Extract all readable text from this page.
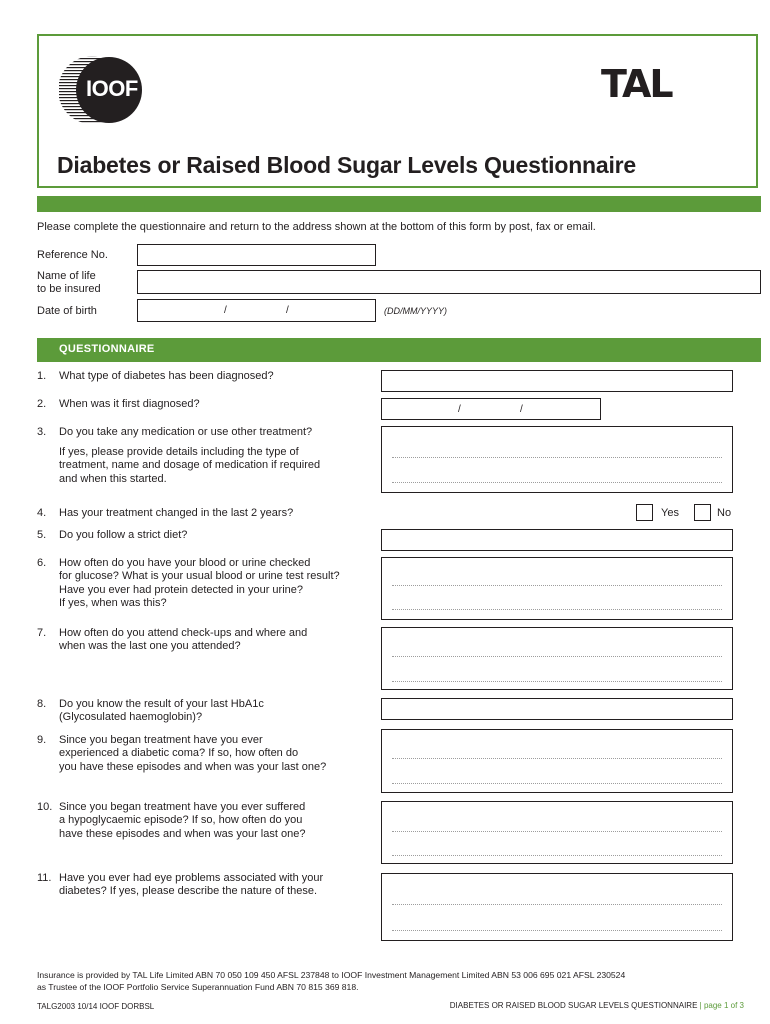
IOOF	TAL
Diabetes or Raised Blood Sugar Levels Questionnaire
Please complete the questionnaire and return to the address shown at the bottom of this form by post, fax or email.
Reference No.
Name of life
to be insured
Date of birth	/	/	(DD/MM/YYYY)
QUESTIONNAIRE
1. What type of diabetes has been diagnosed?
2. When was it first diagnosed?	/	/
3. Do you take any medication or use other treatment?
If yes, please provide details including the type of
treatment, name and dosage of medication if required
and when this started.
4. Has your treatment changed in the last 2 years?	Yes	No
5. Do you follow a strict diet?
6. How often do you have your blood or urine checked
for glucose? What is your usual blood or urine test result?
Have you ever had protein detected in your urine?
If yes, when was this?
7. How often do you attend check-ups and where and
when was the last one you attended?
8. Do you know the result of your last HbA1c
(Glycosulated haemoglobin)?
9. Since you began treatment have you ever
experienced a diabetic coma? If so, how often do
you have these episodes and when was your last one?
10. Since you began treatment have you ever suffered
a hypoglycaemic episode? If so, how often do you
have these episodes and when was your last one?
11. Have you ever had eye problems associated with your
diabetes? If yes, please describe the nature of these.
Insurance is provided by TAL Life Limited ABN 70 050 109 450 AFSL 237848 to IOOF Investment Management Limited ABN 53 006 695 021 AFSL 230524
as Trustee of the IOOF Portfolio Service Superannuation Fund ABN 70 815 369 818.
TALG2003 10/14 IOOF DORBSL	DIABETES OR RAISED BLOOD SUGAR LEVELS QUESTIONNAIRE | page 1 of 3
